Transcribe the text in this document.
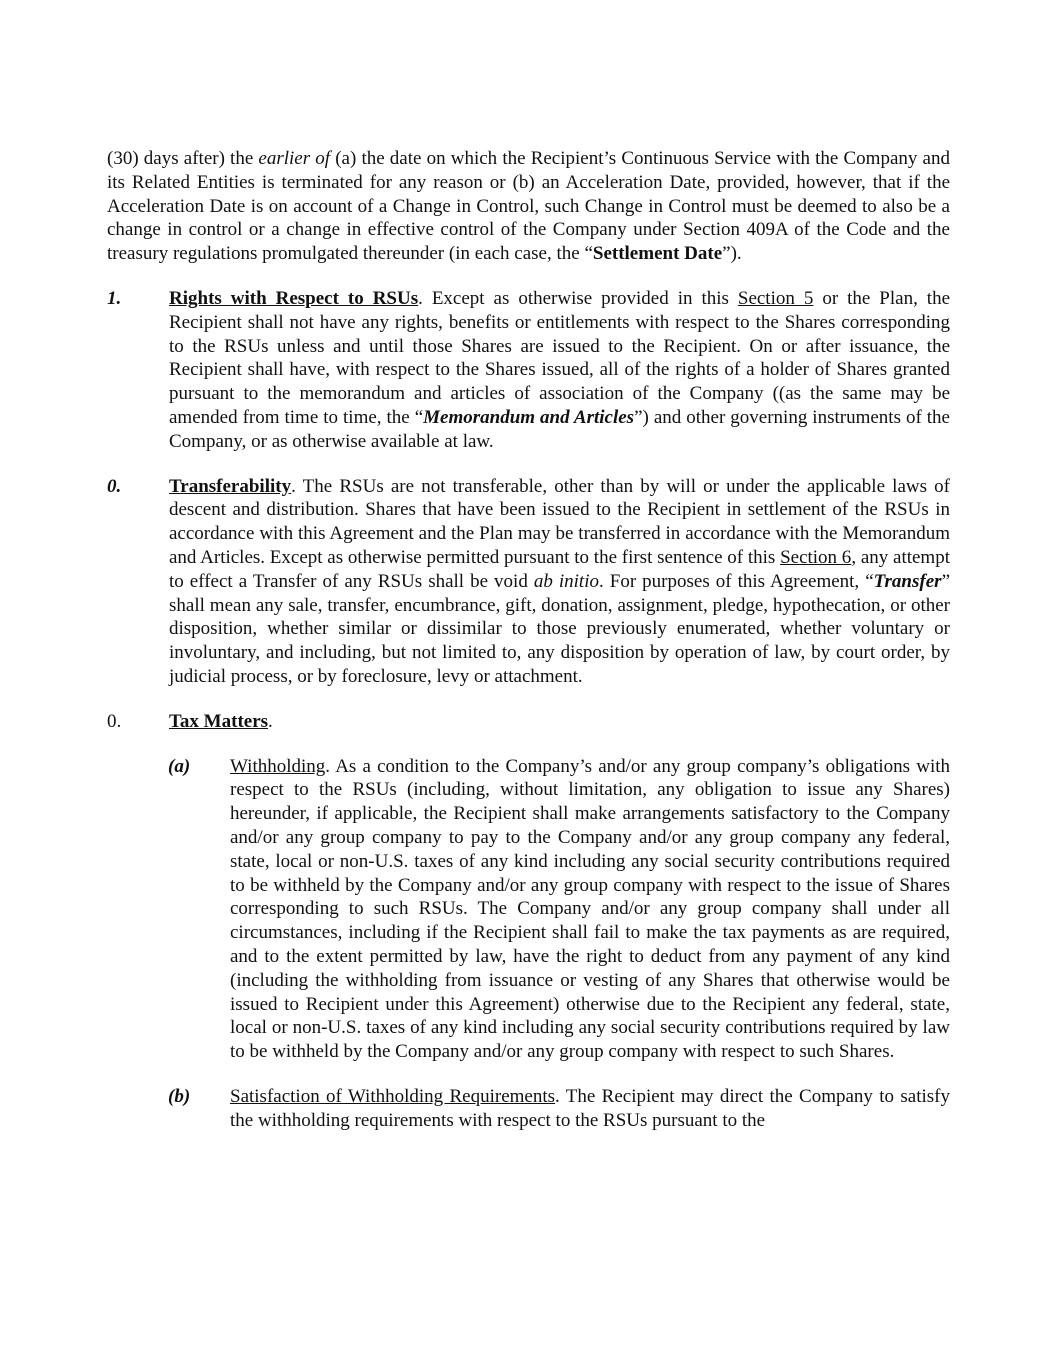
(30) days after) the earlier of (a) the date on which the Recipient’s Continuous Service with the Company and its Related Entities is terminated for any reason or (b) an Acceleration Date, provided, however, that if the Acceleration Date is on account of a Change in Control, such Change in Control must be deemed to also be a change in control or a change in effective control of the Company under Section 409A of the Code and the treasury regulations promulgated thereunder (in each case, the “Settlement Date”).

1.	Rights with Respect to RSUs. Except as otherwise provided in this Section 5 or the Plan, the Recipient shall not have any rights, benefits or entitlements with respect to the Shares corresponding to the RSUs unless and until those Shares are issued to the Recipient. On or after issuance, the Recipient shall have, with respect to the Shares issued, all of the rights of a holder of Shares granted pursuant to the memorandum and articles of association of the Company ((as the same may be amended from time to time, the “Memorandum and Articles”) and other governing instruments of the Company, or as otherwise available at law.
0.	Transferability. The RSUs are not transferable, other than by will or under the applicable laws of descent and distribution. Shares that have been issued to the Recipient in settlement of the RSUs in accordance with this Agreement and the Plan may be transferred in accordance with the Memorandum and Articles. Except as otherwise permitted pursuant to the first sentence of this Section 6, any attempt to effect a Transfer of any RSUs shall be void ab initio. For purposes of this Agreement, “Transfer” shall mean any sale, transfer, encumbrance, gift, donation, assignment, pledge, hypothecation, or other disposition, whether similar or dissimilar to those previously enumerated, whether voluntary or involuntary, and including, but not limited to, any disposition by operation of law, by court order, by judicial process, or by foreclosure, levy or attachment.
0.	Tax Matters.
(a)	Withholding. As a condition to the Company’s and/or any group company’s obligations with respect to the RSUs (including, without limitation, any obligation to issue any Shares) hereunder, if applicable, the Recipient shall make arrangements satisfactory to the Company and/or any group company to pay to the Company and/or any group company any federal, state, local or non-U.S. taxes of any kind including any social security contributions required to be withheld by the Company and/or any group company with respect to the issue of Shares corresponding to such RSUs. The Company and/or any group company shall under all circumstances, including if the Recipient shall fail to make the tax payments as are required, and to the extent permitted by law, have the right to deduct from any payment of any kind (including the withholding from issuance or vesting of any Shares that otherwise would be issued to Recipient under this Agreement) otherwise due to the Recipient any federal, state, local or non-U.S. taxes of any kind including any social security contributions required by law to be withheld by the Company and/or any group company with respect to such Shares.
(b)	Satisfaction of Withholding Requirements. The Recipient may direct the Company to satisfy the withholding requirements with respect to the RSUs pursuant to the
